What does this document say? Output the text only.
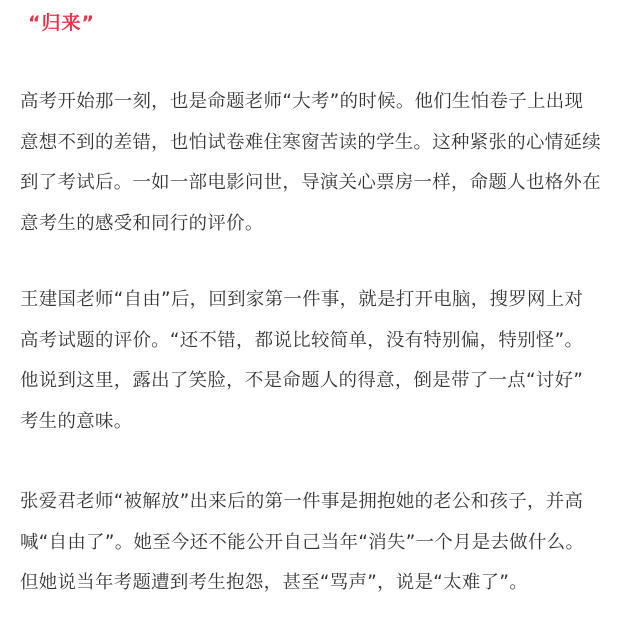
“归来”
高考开始那一刻，也是命题老师“大考”的时候。他们生怕卷子上出现
意想不到的差错，也怕试卷难住寒窗苦读的学生。这种紧张的心情延续
到了考试后。一如一部电影问世，导演关心票房一样，命题人也格外在
意考生的感受和同行的评价。
王建国老师“自由”后，回到家第一件事，就是打开电脑，搜罗网上对
高考试题的评价。“还不错，都说比较简单，没有特别偏，特别怪”。
他说到这里，露出了笑脸，不是命题人的得意，倒是带了一点“讨好”
考生的意味。
张爱君老师“被解放”出来后的第一件事是拥抱她的老公和孩子，并高
喊“自由了”。她至今还不能公开自己当年“消失”一个月是去做什么。
但她说当年考题遭到考生抱怨，甚至“骂声”，说是“太难了”。
